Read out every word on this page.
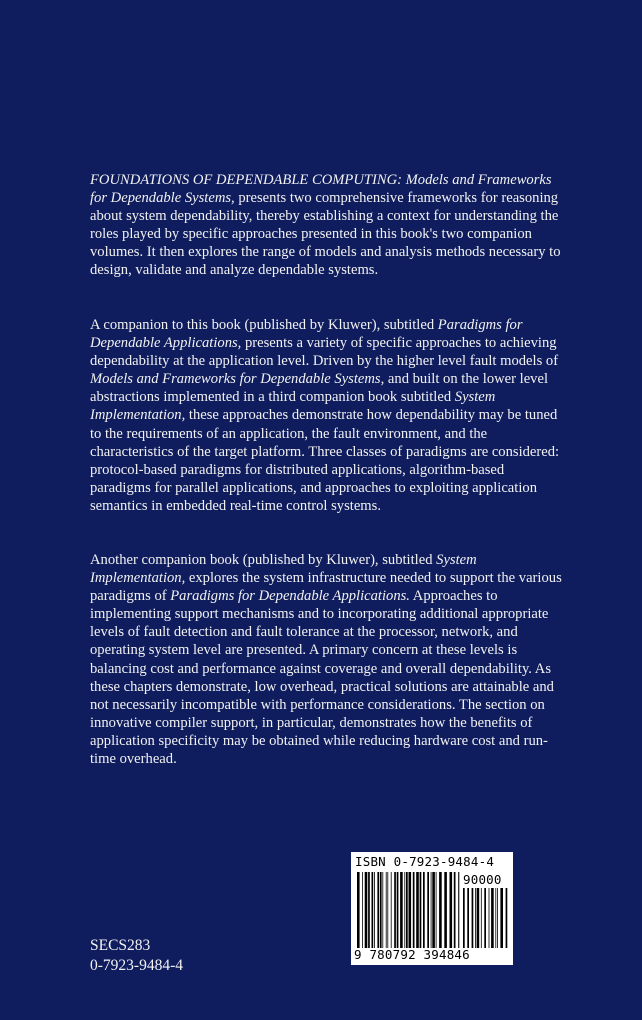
FOUNDATIONS OF DEPENDABLE COMPUTING: Models and Frameworks for Dependable Systems, presents two comprehensive frameworks for reasoning about system dependability, thereby establishing a context for understanding the roles played by specific approaches presented in this book's two companion volumes. It then explores the range of models and analysis methods necessary to design, validate and analyze dependable systems.

A companion to this book (published by Kluwer), subtitled Paradigms for Dependable Applications, presents a variety of specific approaches to achieving dependability at the application level. Driven by the higher level fault models of Models and Frameworks for Dependable Systems, and built on the lower level abstractions implemented in a third companion book subtitled System Implementation, these approaches demonstrate how dependability may be tuned to the requirements of an application, the fault environment, and the characteristics of the target platform. Three classes of paradigms are considered: protocol-based paradigms for distributed applications, algorithm-based paradigms for parallel applications, and approaches to exploiting application semantics in embedded real-time control systems.

Another companion book (published by Kluwer), subtitled System Implementation, explores the system infrastructure needed to support the various paradigms of Paradigms for Dependable Applications. Approaches to implementing support mechanisms and to incorporating additional appropriate levels of fault detection and fault tolerance at the processor, network, and operating system level are presented. A primary concern at these levels is balancing cost and performance against coverage and overall dependability. As these chapters demonstrate, low overhead, practical solutions are attainable and not necessarily incompatible with performance considerations. The section on innovative compiler support, in particular, demonstrates how the benefits of application specificity may be obtained while reducing hardware cost and run-time overhead.

ISBN 0-7923-9484-4
90000
9 780792 394846
SECS283
0-7923-9484-4
